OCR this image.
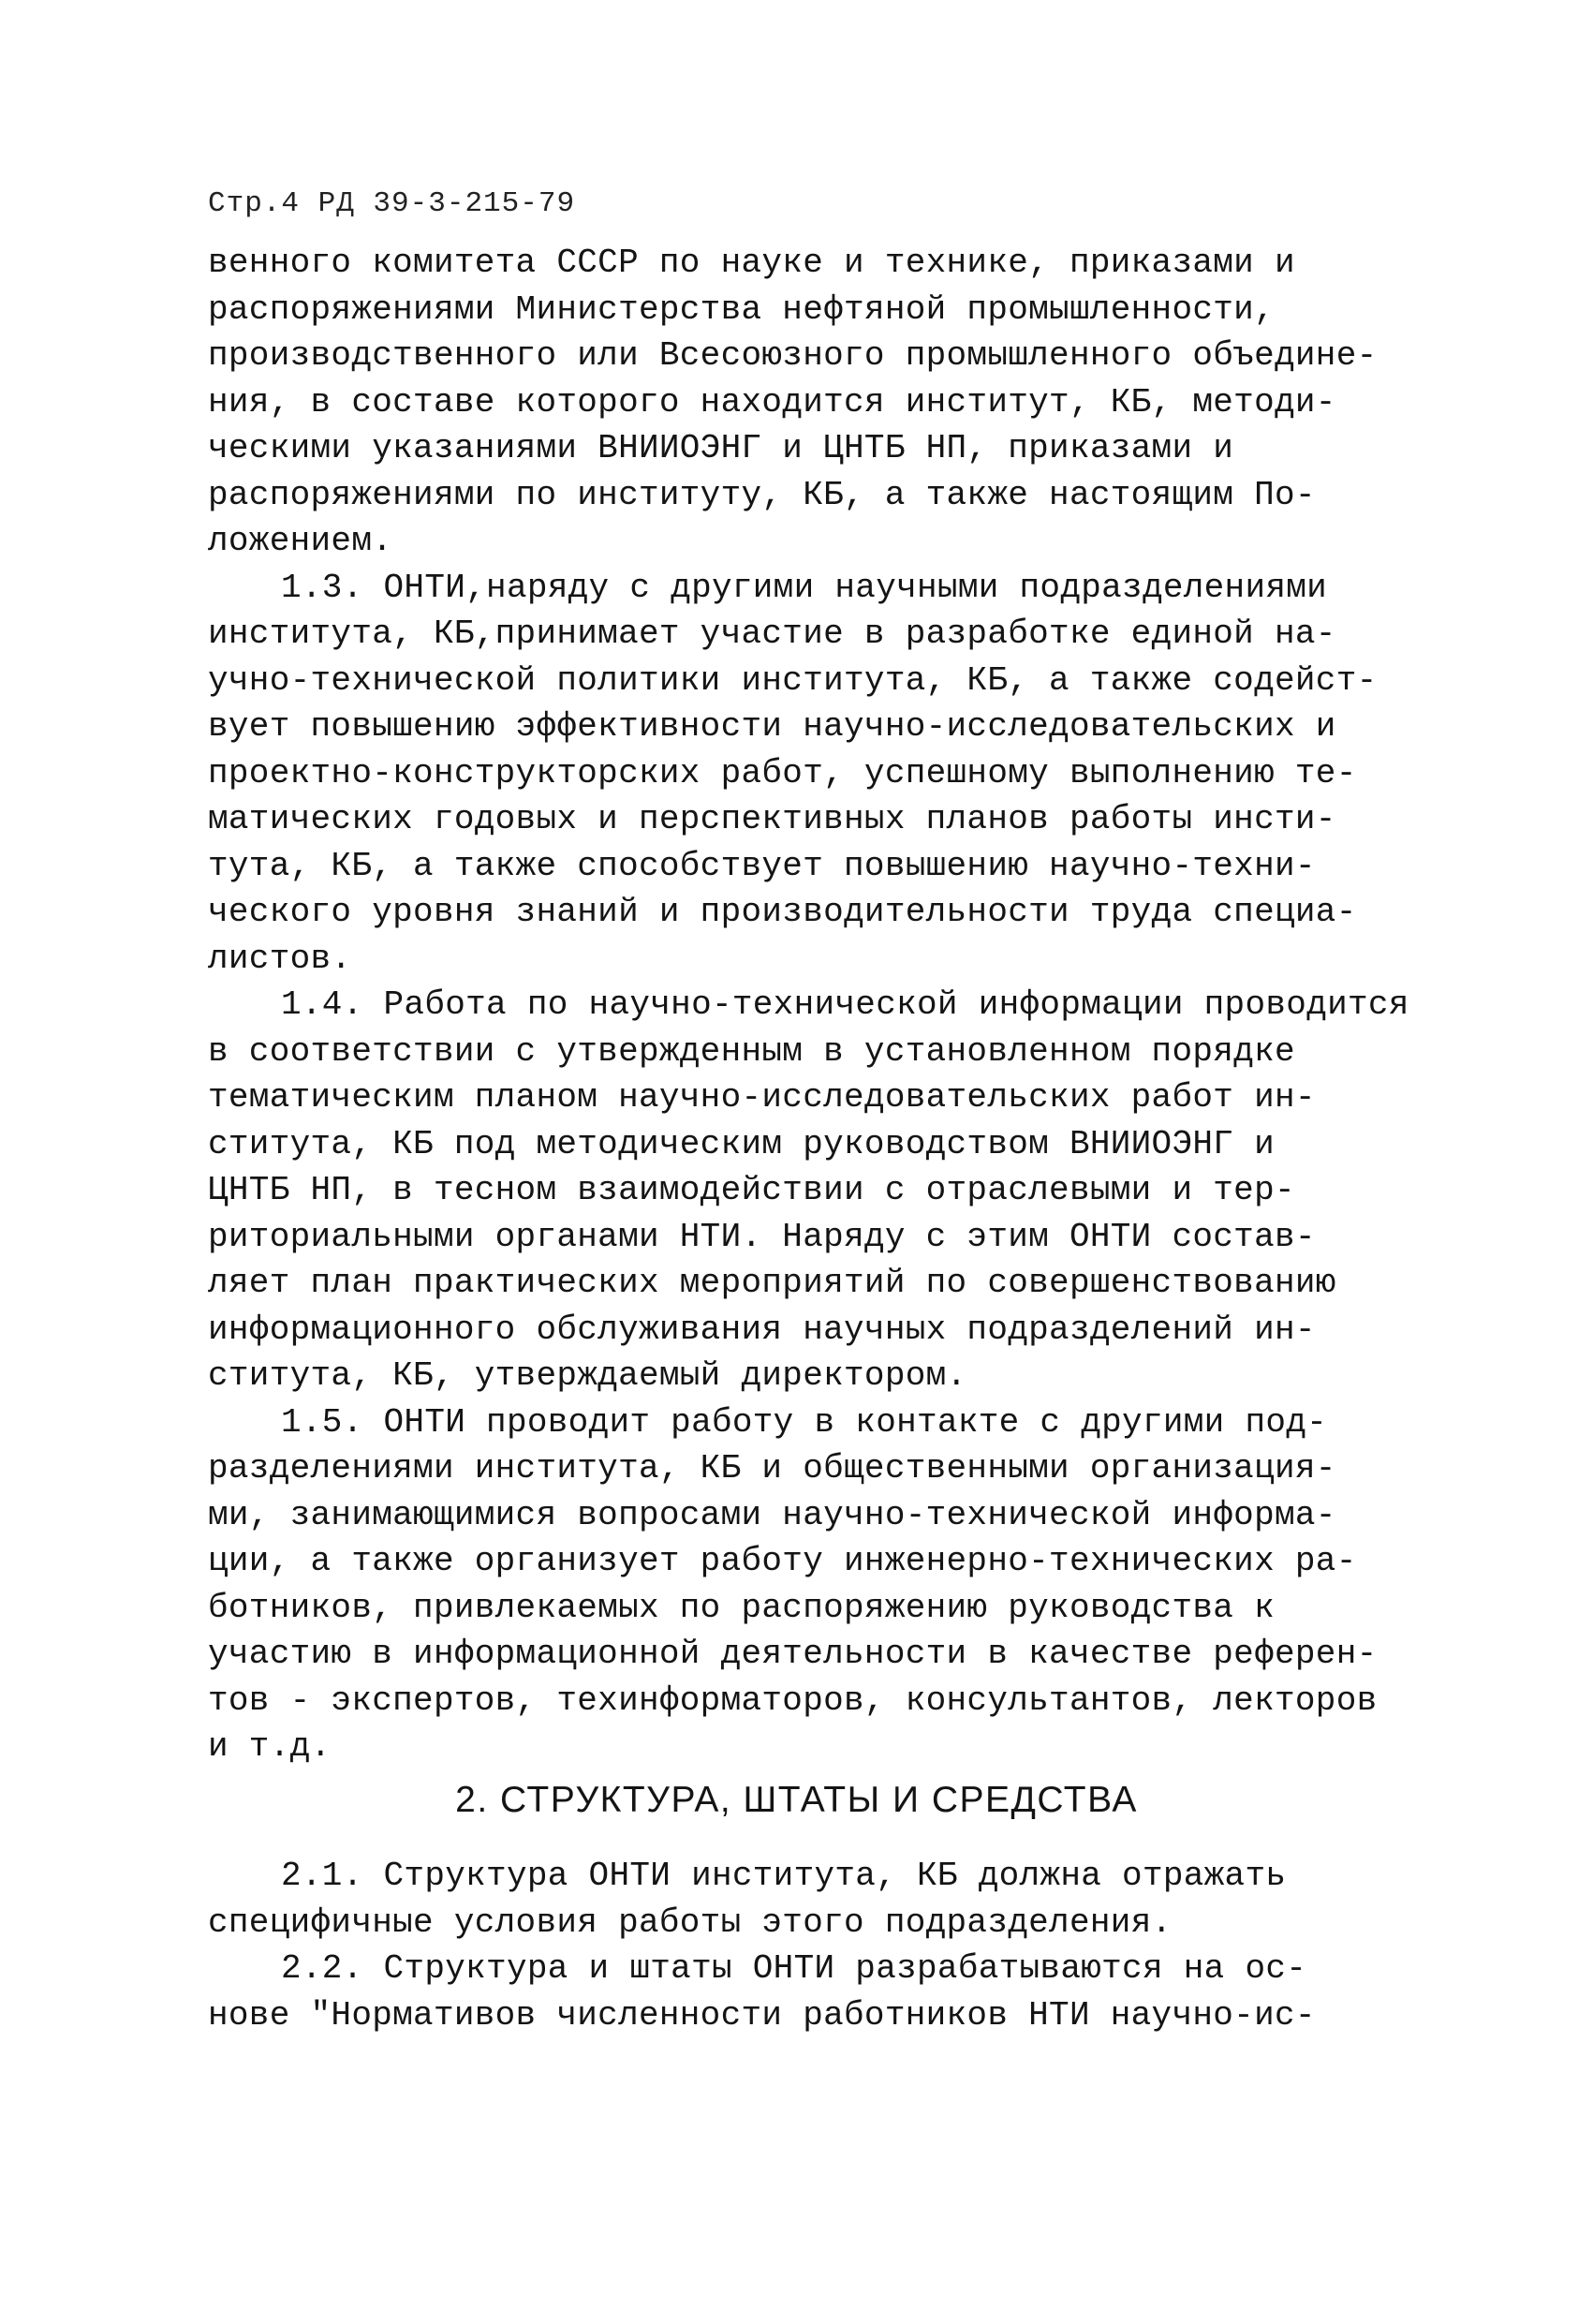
Стр.4 РД 39-3-215-79
венного комитета СССР по науке и технике, приказами и
распоряжениями Министерства нефтяной промышленности,
производственного или Всесоюзного промышленного объедине-
ния, в составе которого находится институт, КБ, методи-
ческими указаниями ВНИИОЭНГ и ЦНТБ НП, приказами и
распоряжениями по институту, КБ, а также настоящим По-
ложением.
1.3. ОНТИ,наряду с другими научными подразделениями
института, КБ,принимает участие в разработке единой на-
учно-технической политики института, КБ, а также содейст-
вует повышению эффективности научно-исследовательских и
проектно-конструкторских работ, успешному выполнению те-
матических годовых и перспективных планов работы инсти-
тута, КБ, а также способствует повышению научно-техни-
ческого уровня знаний и производительности труда специа-
листов.
1.4. Работа по научно-технической информации проводится
в соответствии с утвержденным в установленном порядке
тематическим планом научно-исследовательских работ ин-
ститута, КБ под методическим руководством ВНИИОЭНГ и
ЦНТБ НП, в тесном взаимодействии с отраслевыми и тер-
риториальными органами НТИ. Наряду с этим ОНТИ состав-
ляет план практических мероприятий по совершенствованию
информационного обслуживания научных подразделений ин-
ститута, КБ, утверждаемый директором.
1.5. ОНТИ проводит работу в контакте с другими под-
разделениями института, КБ и общественными организация-
ми, занимающимися вопросами научно-технической информа-
ции, а также организует работу инженерно-технических ра-
ботников, привлекаемых по распоряжению руководства к
участию в информационной деятельности в качестве референ-
тов - экспертов, техинформаторов, консультантов, лекторов
и т.д.
2. СТРУКТУРА, ШТАТЫ И СРЕДСТВА
2.1. Структура ОНТИ института, КБ должна отражать
специфичные условия работы этого подразделения.
2.2. Структура и штаты ОНТИ разрабатываются на ос-
нове "Нормативов численности работников НТИ научно-ис-
